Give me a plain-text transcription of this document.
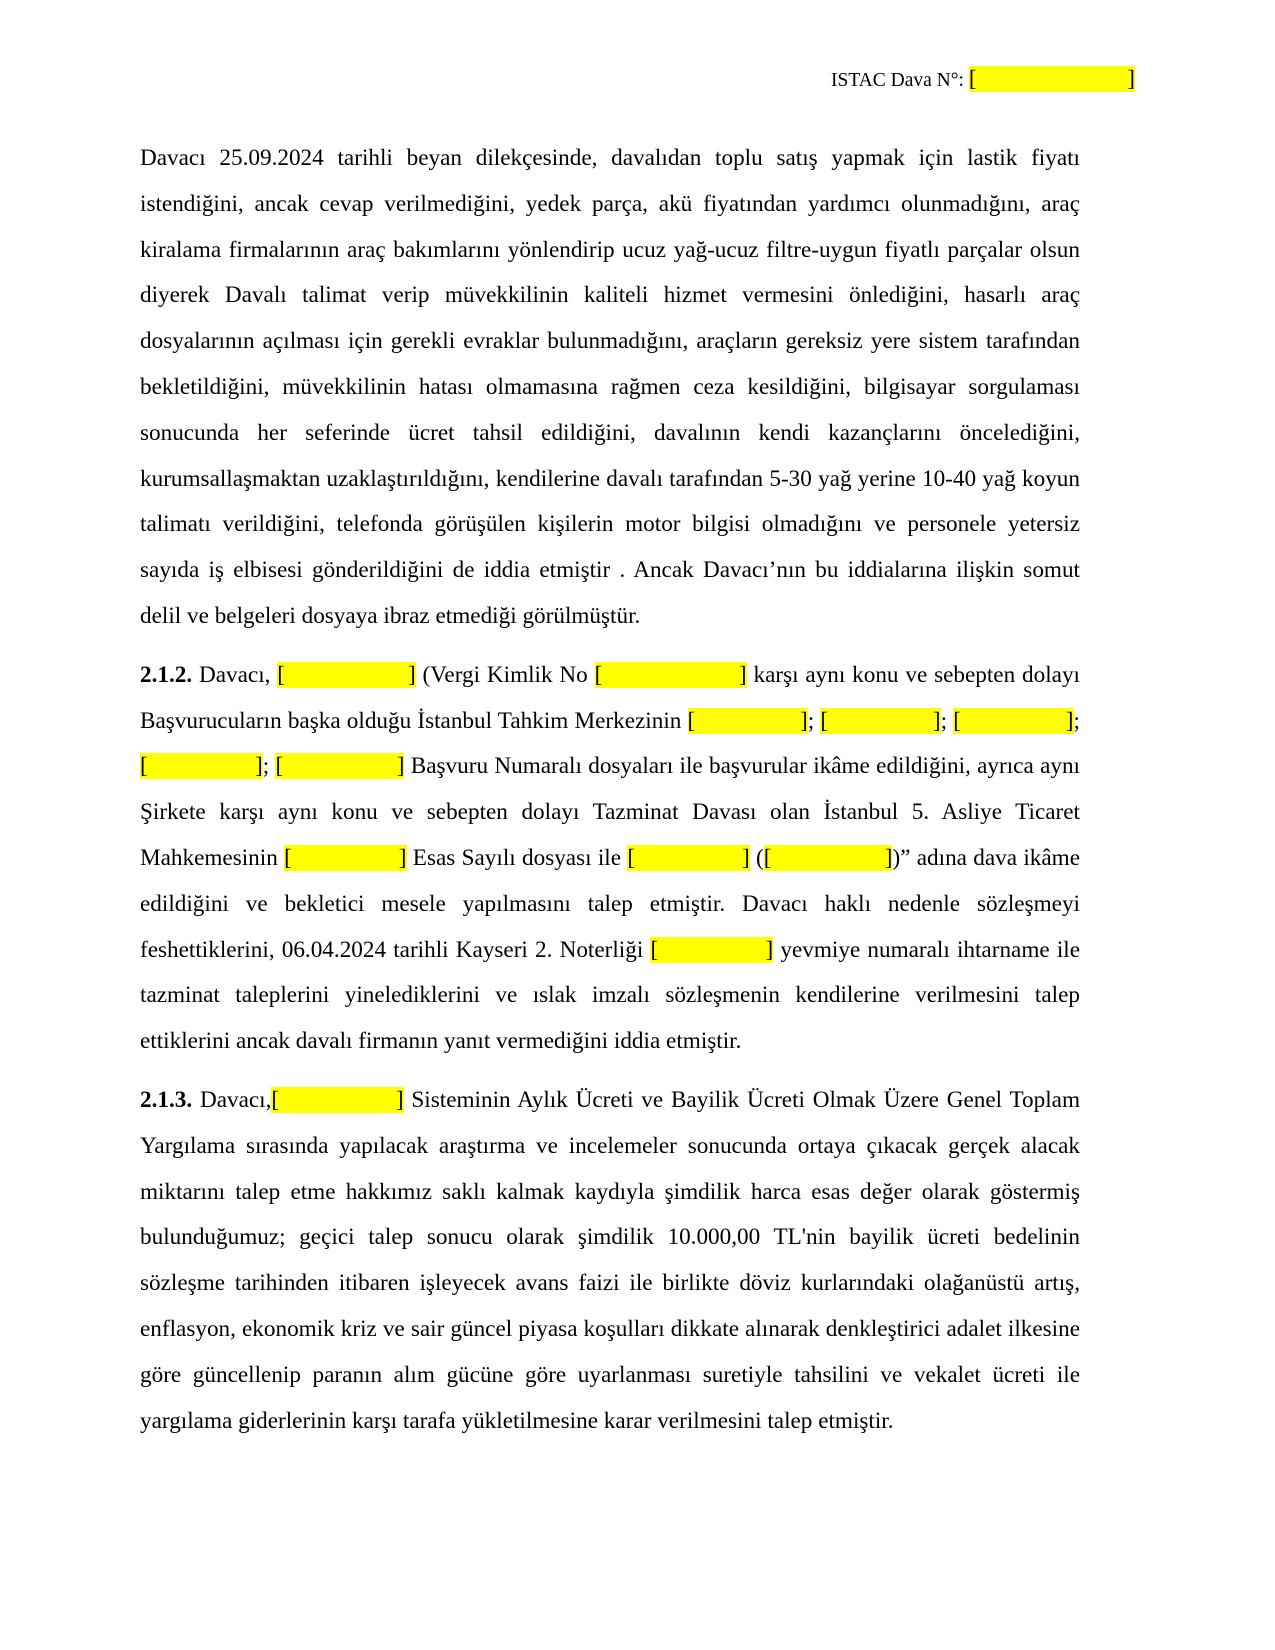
ISTAC Dava N°: [                          ]

Davacı 25.09.2024 tarihli beyan dilekçesinde, davalıdan toplu satış yapmak için lastik fiyatı istendiğini, ancak cevap verilmediğini, yedek parça, akü fiyatından yardımcı olunmadığını, araç kiralama firmalarının araç bakımlarını yönlendirip ucuz yağ-ucuz filtre-uygun fiyatlı parçalar olsun diyerek Davalı talimat verip müvekkilinin kaliteli hizmet vermesini önlediğini, hasarlı araç dosyalarının açılması için gerekli evraklar bulunmadığını, araçların gereksiz yere sistem tarafından bekletildiğini, müvekkilinin hatası olmamasına rağmen ceza kesildiğini, bilgisayar sorgulaması sonucunda her seferinde ücret tahsil edildiğini, davalının kendi kazançlarını öncelediğini, kurumsallaşmaktan uzaklaştırıldığını, kendilerine davalı tarafından 5-30 yağ yerine 10-40 yağ koyun talimatı verildiğini, telefonda görüşülen kişilerin motor bilgisi olmadığını ve personele yetersiz sayıda iş elbisesi gönderildiğini de iddia etmiştir . Ancak Davacı’nın bu iddialarına ilişkin somut delil ve belgeleri dosyaya ibraz etmediği görülmüştür.

2.1.2. Davacı, [                  ] (Vergi Kimlik No [                    ] karşı aynı konu ve sebepten dolayı Başvurucuların başka olduğu İstanbul Tahkim Merkezinin [                 ]; [                 ]; [                 ]; [                 ]; [                  ] Başvuru Numaralı dosyaları ile başvurular ikâme edildiğini, ayrıca aynı Şirkete karşı aynı konu ve sebepten dolayı Tazminat Davası olan İstanbul 5. Asliye Ticaret Mahkemesinin [                 ] Esas Sayılı dosyası ile [                 ] ([                  ])” adına dava ikâme edildiğini ve bekletici mesele yapılmasını talep etmiştir. Davacı haklı nedenle sözleşmeyi feshettiklerini, 06.04.2024 tarihli Kayseri 2. Noterliği [               ] yevmiye numaralı ihtarname ile tazminat taleplerini yinelediklerini ve ıslak imzalı sözleşmenin kendilerine verilmesini talep ettiklerini ancak davalı firmanın yanıt vermediğini iddia etmiştir.

2.1.3. Davacı,[               ] Sisteminin Aylık Ücreti ve Bayilik Ücreti Olmak Üzere Genel Toplam Yargılama sırasında yapılacak araştırma ve incelemeler sonucunda ortaya çıkacak gerçek alacak miktarını talep etme hakkımız saklı kalmak kaydıyla şimdilik harca esas değer olarak göstermiş bulunduğumuz; geçici talep sonucu olarak şimdilik 10.000,00 TL'nin bayilik ücreti bedelinin sözleşme tarihinden itibaren işleyecek avans faizi ile birlikte döviz kurlarındaki olağanüstü artış, enflasyon, ekonomik kriz ve sair güncel piyasa koşulları dikkate alınarak denkleştirici adalet ilkesine göre güncellenip paranın alım gücüne göre uyarlanması suretiyle tahsilini ve vekalet ücreti ile yargılama giderlerinin karşı tarafa yükletilmesine karar verilmesini talep etmiştir.
